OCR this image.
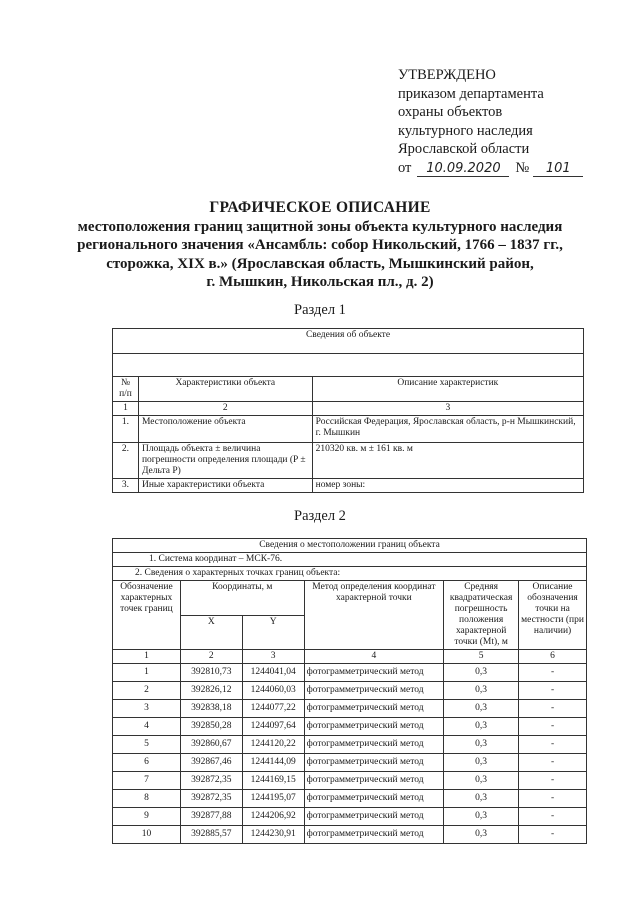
УТВЕРЖДЕНО
приказом департамента
охраны объектов
культурного наследия
Ярославской области
от	10.09.2020	№	101
ГРАФИЧЕСКОЕ ОПИСАНИЕ
местоположения границ защитной зоны объекта культурного наследия
регионального значения «Ансамбль: собор Никольский, 1766 – 1837 гг.,
сторожка, XIX в.» (Ярославская область, Мышкинский район,
г. Мышкин, Никольская пл., д. 2)
Раздел 1
Сведения об объекте		

№ п/п	Характеристики объекта	Описание характеристик
1	2	3
1.	Местоположение объекта	Российская Федерация, Ярославская область, р-н Мышкинский, г. Мышкин
2.	Площадь объекта ± величина погрешности определения площади (P ± Дельта P)	210320 кв. м ± 161 кв. м
3.	Иные характеристики объекта	номер зоны:
Раздел 2
Сведения о местоположении границ объекта					
1. Система координат – МСК-76.					
2. Сведения о характерных точках границ объекта:					
Обозначение характерных точек границ	Координаты, м		Метод определения координат характерной точки	Средняя квадратическая погрешность положения характерной точки (Mt), м	Описание обозначения точки на местности (при наличии)
	X	Y			
1	2	3	4	5	6
1	392810,73	1244041,04	фотограмметрический метод	0,3	-
2	392826,12	1244060,03	фотограмметрический метод	0,3	-
3	392838,18	1244077,22	фотограмметрический метод	0,3	-
4	392850,28	1244097,64	фотограмметрический метод	0,3	-
5	392860,67	1244120,22	фотограмметрический метод	0,3	-
6	392867,46	1244144,09	фотограмметрический метод	0,3	-
7	392872,35	1244169,15	фотограмметрический метод	0,3	-
8	392872,35	1244195,07	фотограмметрический метод	0,3	-
9	392877,88	1244206,92	фотограмметрический метод	0,3	-
10	392885,57	1244230,91	фотограмметрический метод	0,3	-
